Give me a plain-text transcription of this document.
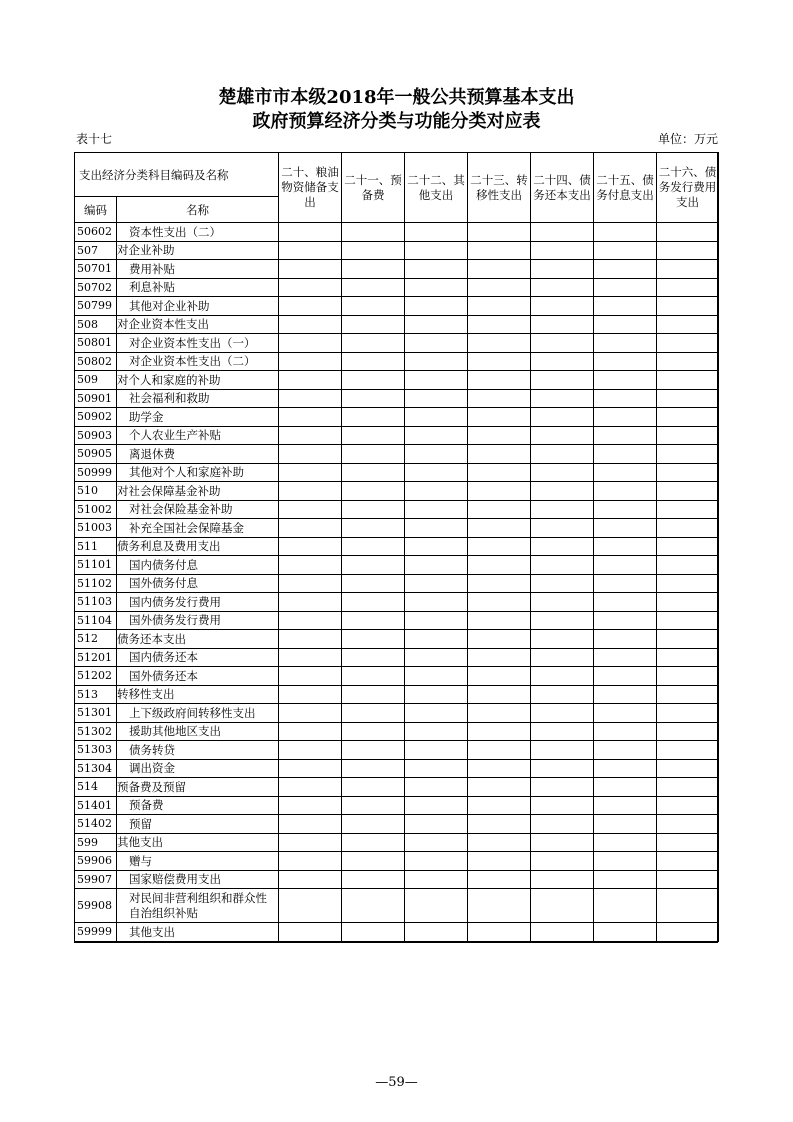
楚雄市市本级2018年一般公共预算基本支出
政府预算经济分类与功能分类对应表
表十七	单位：万元
支出经济分类科目编码及名称		二十、粮油物资储备支出	二十一、预备费	二十二、其他支出	二十三、转移性支出	二十四、债务还本支出	二十五、债务付息支出	二十六、债务发行费用支出
编码	名称							
50602	资本性支出（二）							
507	对企业补助							
50701	费用补贴							
50702	利息补贴							
50799	其他对企业补助							
508	对企业资本性支出							
50801	对企业资本性支出（一）							
50802	对企业资本性支出（二）							
509	对个人和家庭的补助							
50901	社会福利和救助							
50902	助学金							
50903	个人农业生产补贴							
50905	离退休费							
50999	其他对个人和家庭补助							
510	对社会保障基金补助							
51002	对社会保险基金补助							
51003	补充全国社会保障基金							
511	债务利息及费用支出							
51101	国内债务付息							
51102	国外债务付息							
51103	国内债务发行费用							
51104	国外债务发行费用							
512	债务还本支出							
51201	国内债务还本							
51202	国外债务还本							
513	转移性支出							
51301	上下级政府间转移性支出							
51302	援助其他地区支出							
51303	债务转贷							
51304	调出资金							
514	预备费及预留							
51401	预备费							
51402	预留							
599	其他支出							
59906	赠与							
59907	国家赔偿费用支出							
59908	对民间非营利组织和群众性自治组织补贴							
59999	其他支出							
—59—
